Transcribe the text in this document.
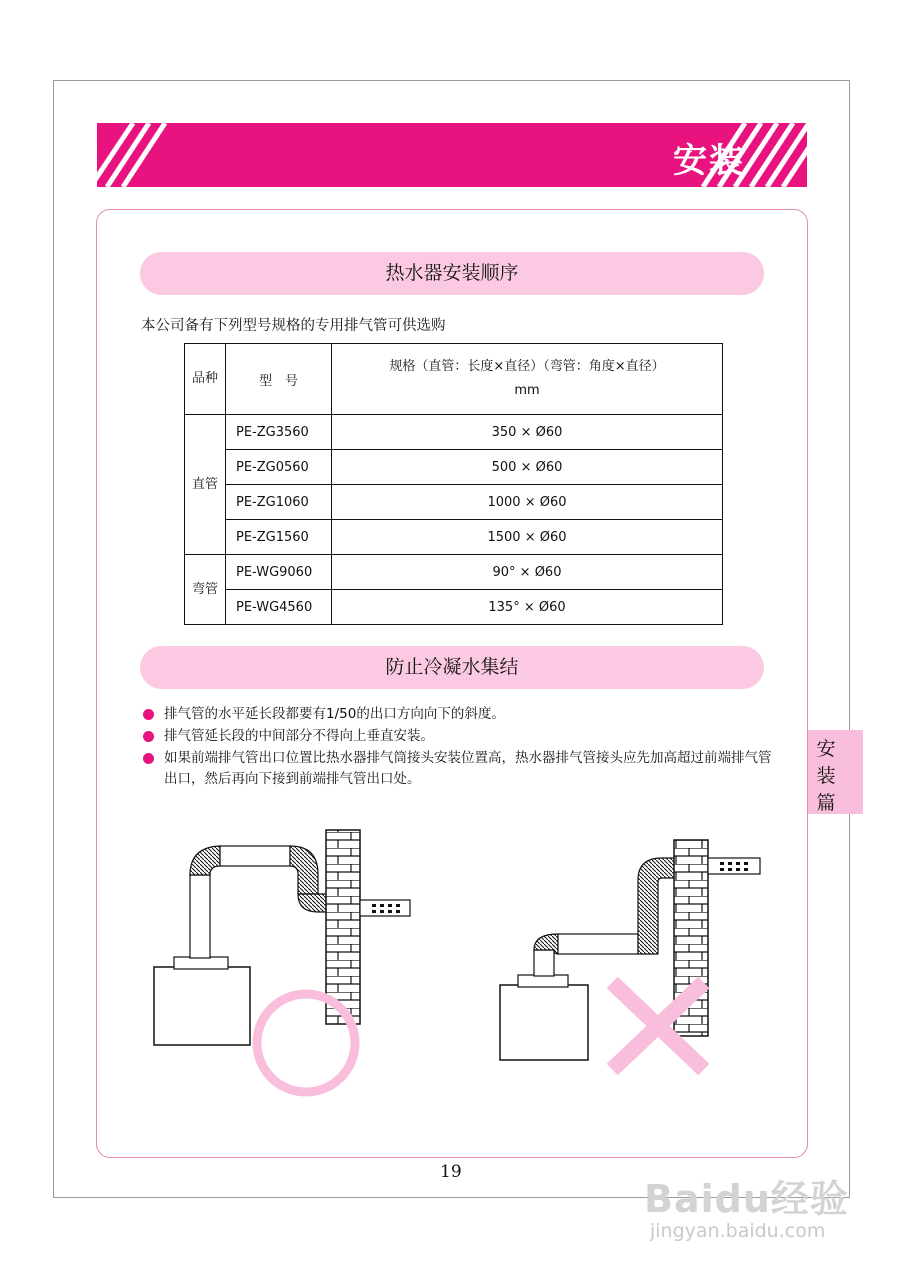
安装
热水器安装顺序
本公司备有下列型号规格的专用排气管可供选购
品种	型　号	规格（直管：长度×直径）（弯管：角度×直径）
mm

直管	PE-ZG3560	350 × Ø60
	PE-ZG0560	500 × Ø60
	PE-ZG1060	1000 × Ø60
	PE-ZG1560	1500 × Ø60
弯管	PE-WG9060	90° × Ø60
	PE-WG4560	135° × Ø60
防止冷凝水集结
排气管的水平延长段都要有1/50的出口方向向下的斜度。
排气管延长段的中间部分不得向上垂直安装。
如果前端排气管出口位置比热水器排气筒接头安装位置高，热水器排气管接头应先加高超过前端排气管出口，然后再向下接到前端排气管出口处。
安
装
篇
19
Baidu经验
jingyan.baidu.com
